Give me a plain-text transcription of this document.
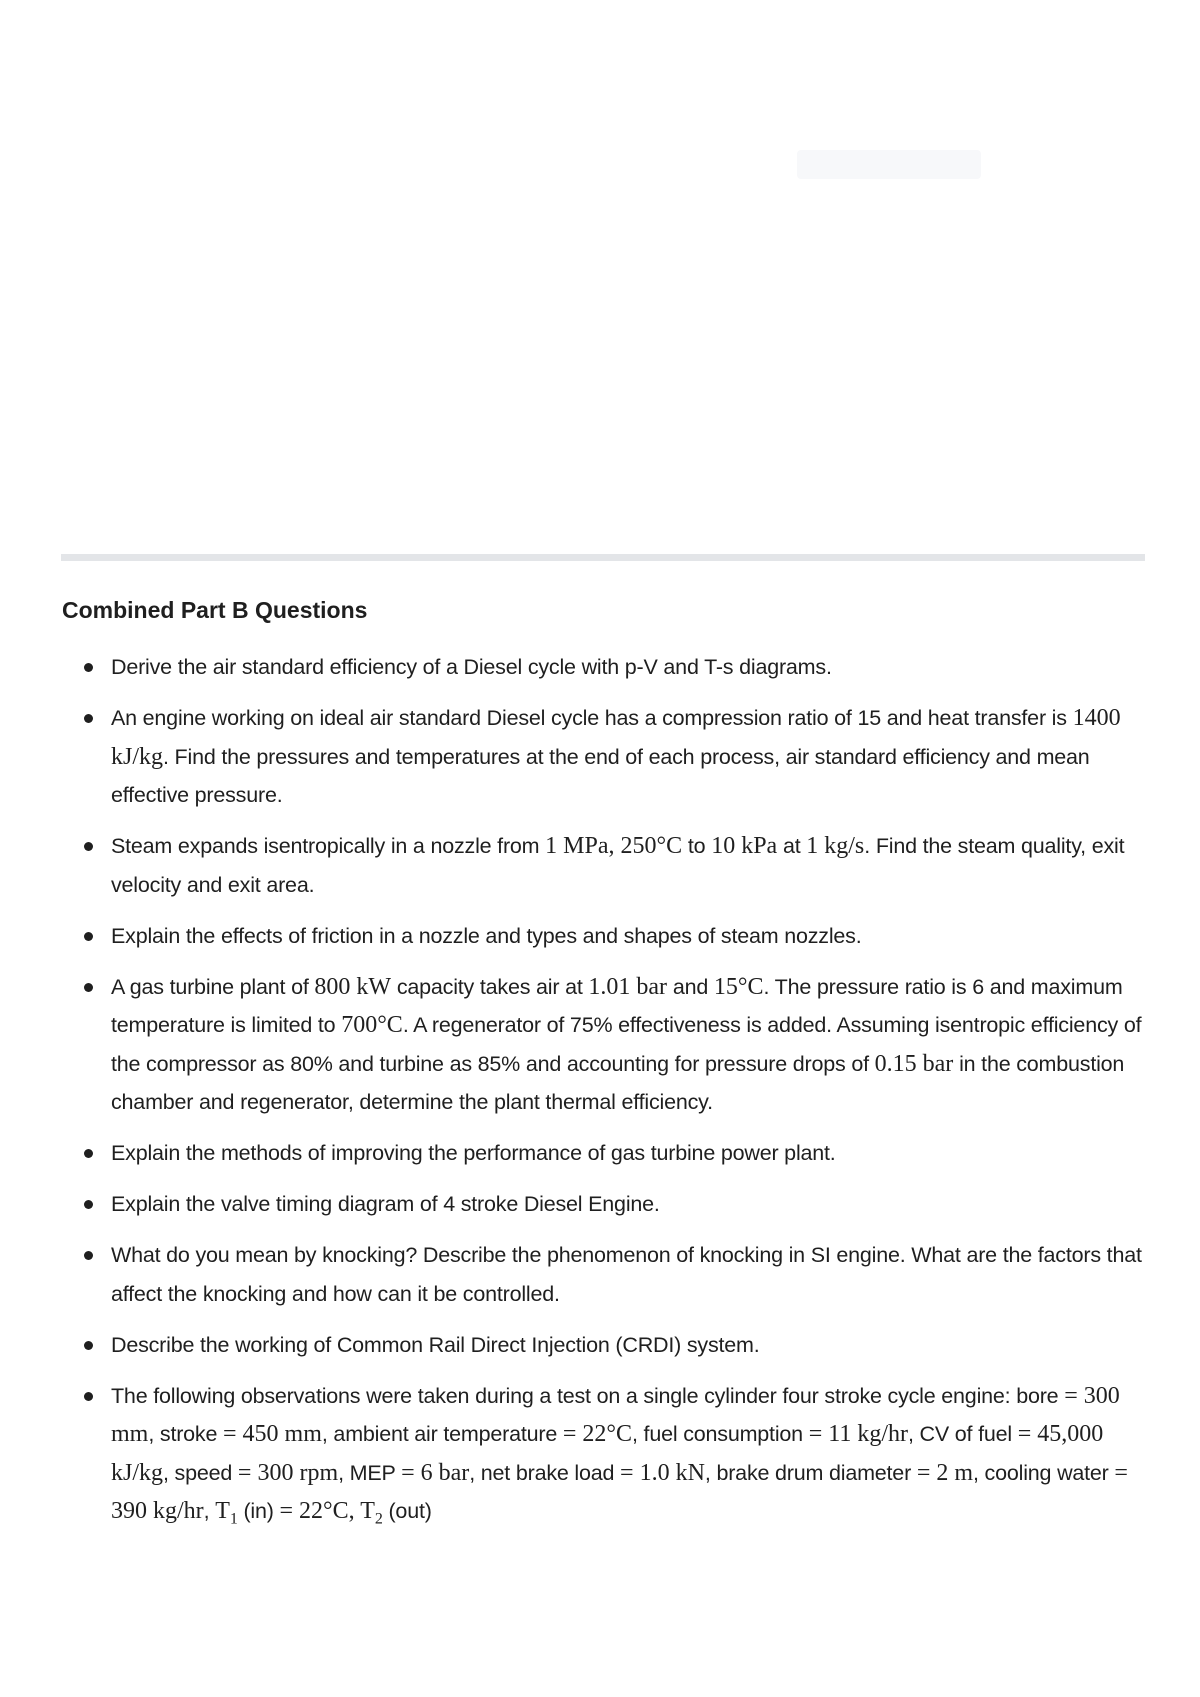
Combined Part B Questions
Derive the air standard efficiency of a Diesel cycle with p-V and T-s diagrams.
An engine working on ideal air standard Diesel cycle has a compression ratio of 15 and heat transfer is 1400 kJ/kg. Find the pressures and temperatures at the end of each process, air standard efficiency and mean effective pressure.
Steam expands isentropically in a nozzle from 1 MPa, 250°C to 10 kPa at 1 kg/s. Find the steam quality, exit velocity and exit area.
Explain the effects of friction in a nozzle and types and shapes of steam nozzles.
A gas turbine plant of 800 kW capacity takes air at 1.01 bar and 15°C. The pressure ratio is 6 and maximum temperature is limited to 700°C. A regenerator of 75% effectiveness is added. Assuming isentropic efficiency of the compressor as 80% and turbine as 85% and accounting for pressure drops of 0.15 bar in the combustion chamber and regenerator, determine the plant thermal efficiency.
Explain the methods of improving the performance of gas turbine power plant.
Explain the valve timing diagram of 4 stroke Diesel Engine.
What do you mean by knocking? Describe the phenomenon of knocking in SI engine. What are the factors that affect the knocking and how can it be controlled.
Describe the working of Common Rail Direct Injection (CRDI) system.
The following observations were taken during a test on a single cylinder four stroke cycle engine: bore = 300 mm, stroke = 450 mm, ambient air temperature = 22°C, fuel consumption = 11 kg/hr, CV of fuel = 45,000 kJ/kg, speed = 300 rpm, MEP = 6 bar, net brake load = 1.0 kN, brake drum diameter = 2 m, cooling water = 390 kg/hr, $T_1$ (in) = 22°C, $T_2$ (out)
